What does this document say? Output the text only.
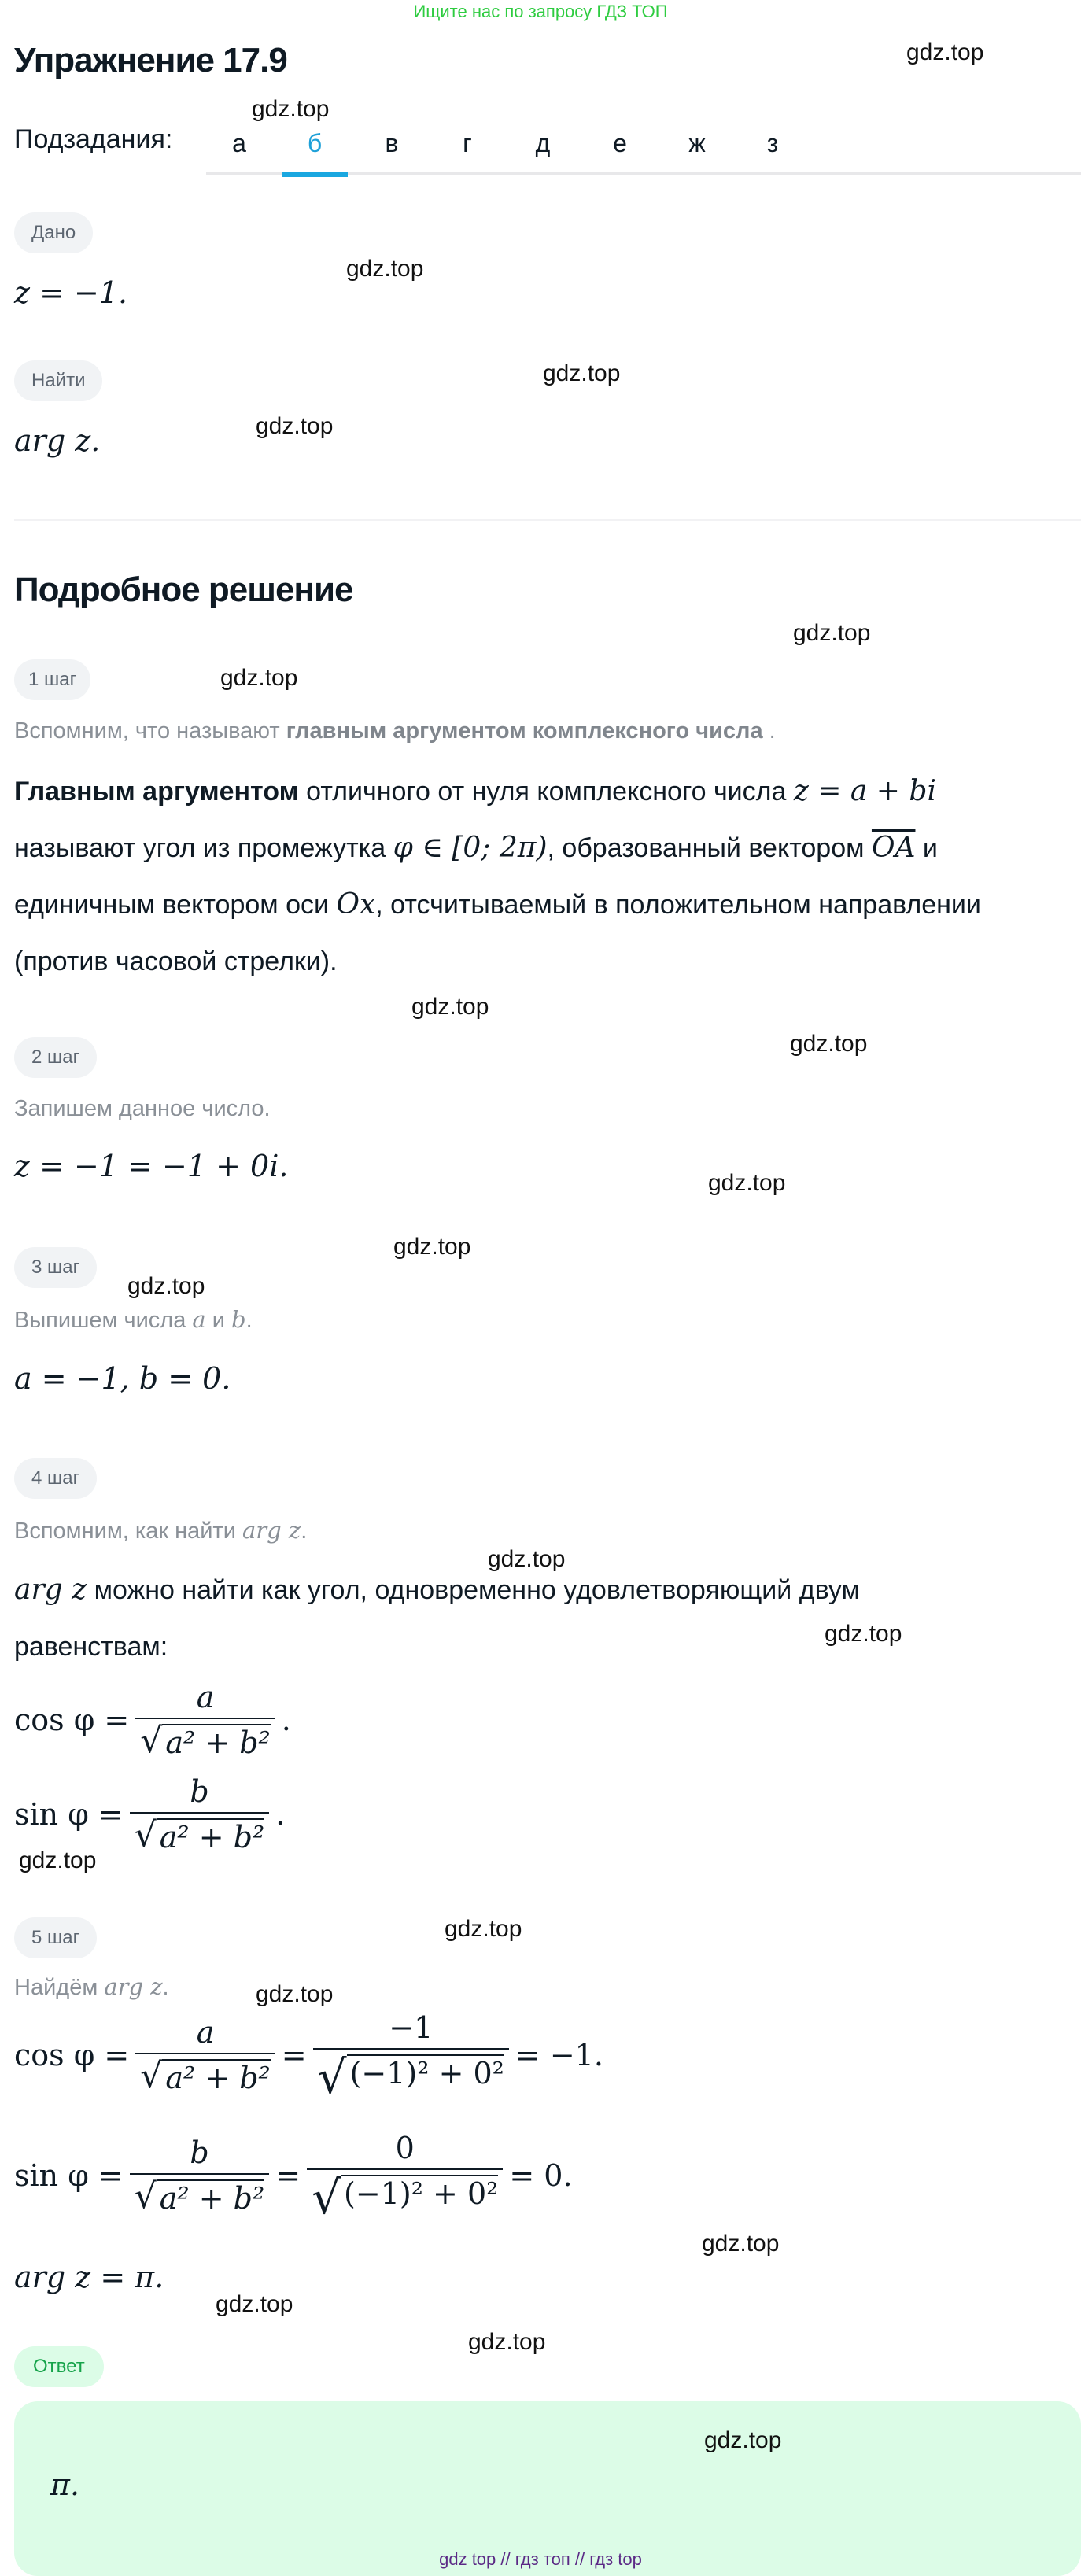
Ищите нас по запросу ГДЗ ТОП
Упражнение 17.9
Подзадания:	а	б	в	г	д	е	ж	з
Дано
z = −1.
Найти
arg z.
Подробное решение
1 шаг
Вспомним, что называют главным аргументом комплексного числа .
Главным аргументом отличного от нуля комплексного числа z = a + bi
называют угол из промежутка φ ∈ [0; 2π), образованный вектором $\overline{OA}$ и
единичным вектором оси Ox, отсчитываемый в положительном направлении
(против часовой стрелки).
2 шаг
Запишем данное число.
z = −1 = −1 + 0i.
3 шаг
Выпишем числа a и b.
a = −1, b = 0.
4 шаг
Вспомним, как найти arg z.
arg z можно найти как угол, одновременно удовлетворяющий двум
равенствам:
$\cos \varphi = \frac{a}{\text{√ a² + b²}}$ .
$\sin \varphi = \frac{b}{\text{√ a² + b²}}$ .
5 шаг
Найдём arg z.
$\cos \varphi = \frac{a}{\text{√ a² + b²}} = \frac{-1}{\text{√ (−1)² + 0²}} = -1$.
$\sin \varphi = \frac{b}{\text{√ a² + b²}} = \frac{0}{\text{√ (−1)² + 0²}} = 0$.
arg z = π.
Ответ
π.
gdz.top
gdz.top
gdz.top
gdz.top
gdz.top
gdz.top
gdz.top
gdz.top
gdz.top
gdz.top
gdz.top
gdz.top
gdz.top
gdz.top
gdz.top
gdz.top
gdz.top
gdz.top
gdz.top
gdz.top
gdz.top
gdz top // гдз топ // гдз top
